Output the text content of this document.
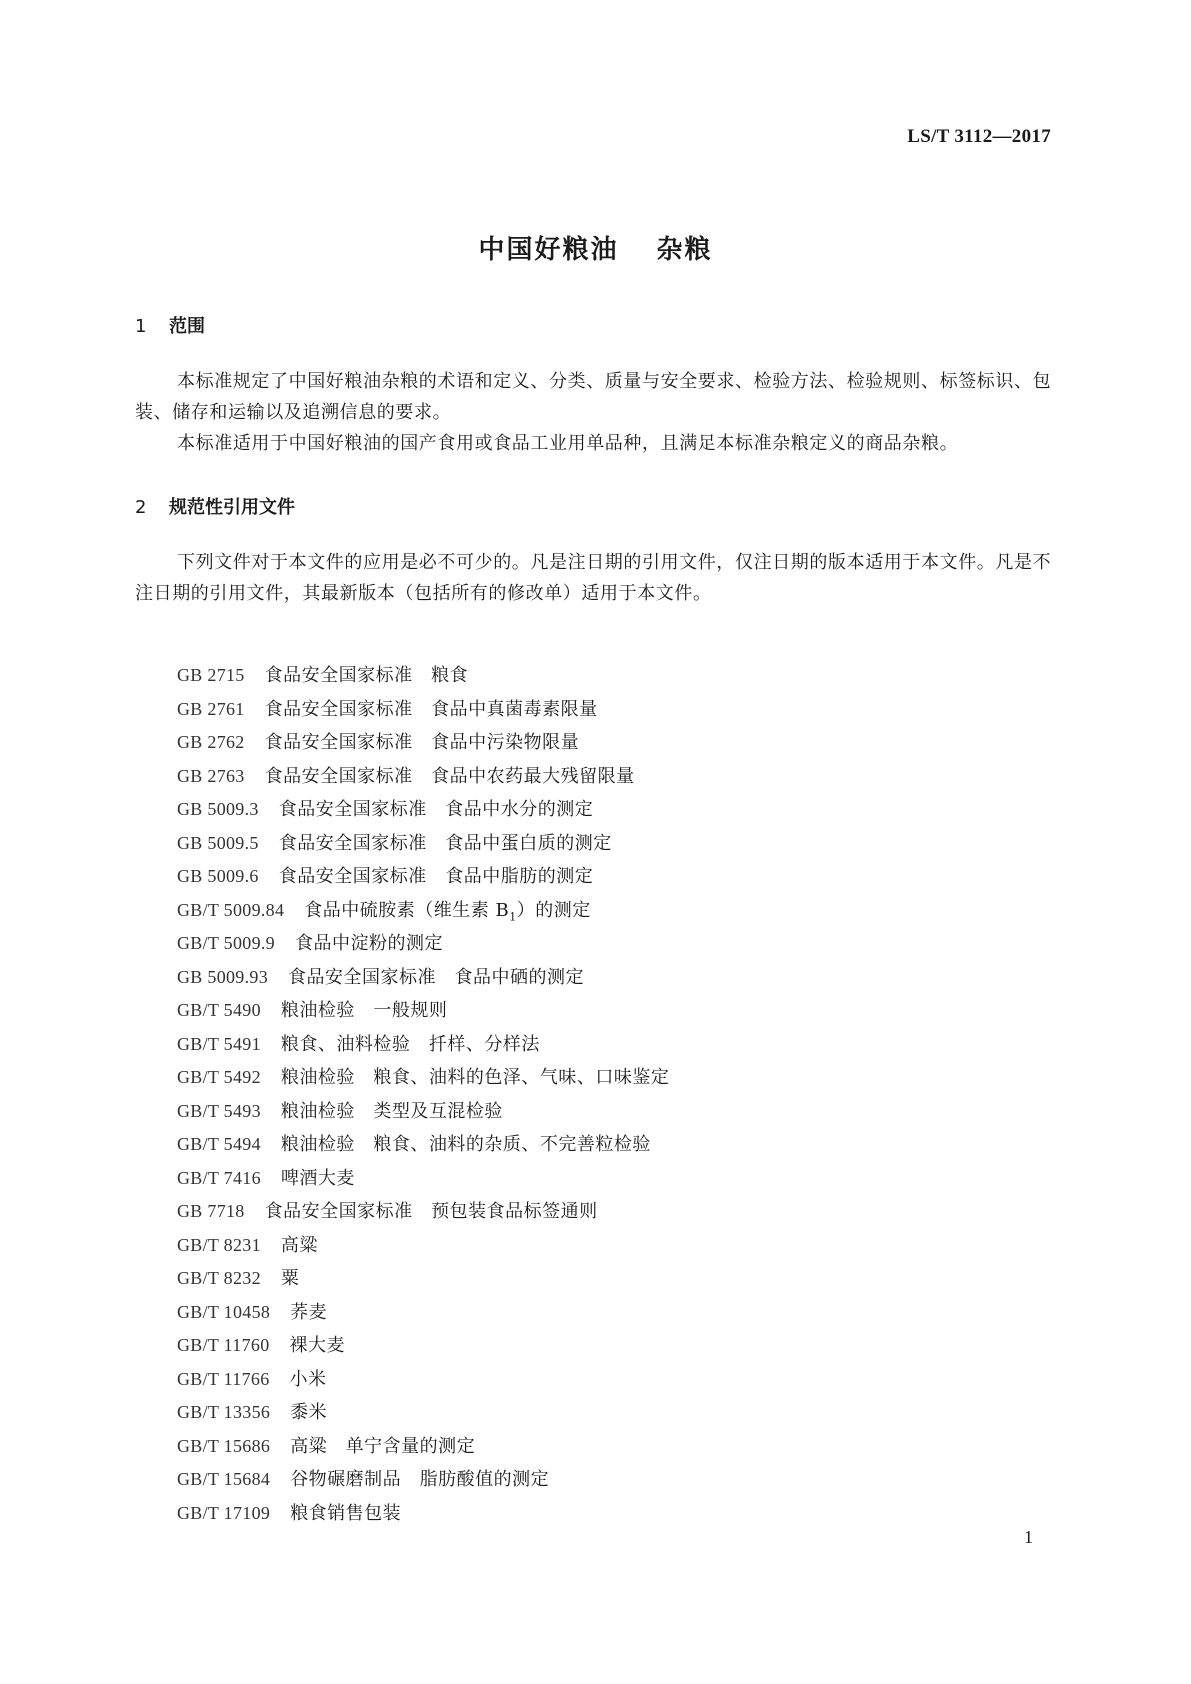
LS/T 3112—2017
中国好粮油 杂粮
1 范围

本标准规定了中国好粮油杂粮的术语和定义、分类、质量与安全要求、检验方法、检验规则、标签标识、包装、储存和运输以及追溯信息的要求。

本标准适用于中国好粮油的国产食用或食品工业用单品种，且满足本标准杂粮定义的商品杂粮。

2 规范性引用文件

下列文件对于本文件的应用是必不可少的。凡是注日期的引用文件，仅注日期的版本适用于本文件。凡是不注日期的引用文件，其最新版本（包括所有的修改单）适用于本文件。

GB 2715 食品安全国家标准　粮食
GB 2761 食品安全国家标准　食品中真菌毒素限量
GB 2762 食品安全国家标准　食品中污染物限量
GB 2763 食品安全国家标准　食品中农药最大残留限量
GB 5009.3 食品安全国家标准　食品中水分的测定
GB 5009.5 食品安全国家标准　食品中蛋白质的测定
GB 5009.6 食品安全国家标准　食品中脂肪的测定
GB/T 5009.84 食品中硫胺素（维生素 $B_1$）的测定
GB/T 5009.9 食品中淀粉的测定
GB 5009.93 食品安全国家标准　食品中硒的测定
GB/T 5490 粮油检验　一般规则
GB/T 5491 粮食、油料检验　扦样、分样法
GB/T 5492 粮油检验　粮食、油料的色泽、气味、口味鉴定
GB/T 5493 粮油检验　类型及互混检验
GB/T 5494 粮油检验　粮食、油料的杂质、不完善粒检验
GB/T 7416 啤酒大麦
GB 7718 食品安全国家标准　预包装食品标签通则
GB/T 8231 高粱
GB/T 8232 粟
GB/T 10458 荞麦
GB/T 11760 裸大麦
GB/T 11766 小米
GB/T 13356 黍米
GB/T 15686 高粱　单宁含量的测定
GB/T 15684 谷物碾磨制品　脂肪酸值的测定
GB/T 17109 粮食销售包装
1
